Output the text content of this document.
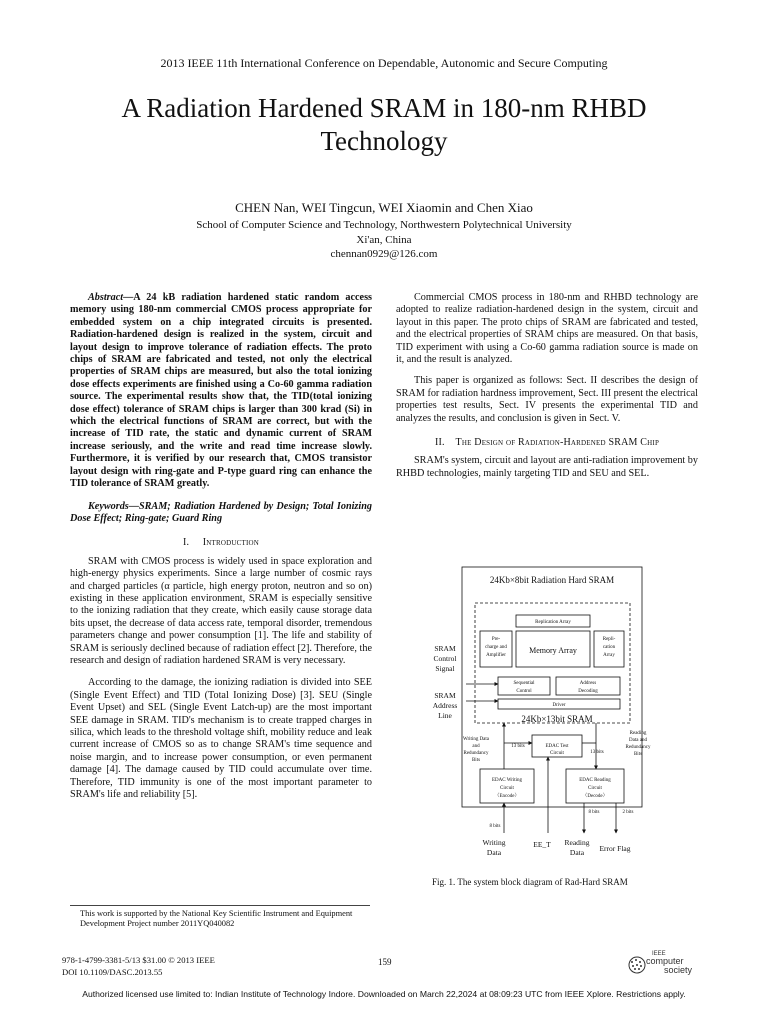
2013 IEEE 11th International Conference on Dependable, Autonomic and Secure Computing
A Radiation Hardened SRAM in 180-nm RHBD
Technology
CHEN Nan, WEI Tingcun, WEI Xiaomin and Chen Xiao
School of Computer Science and Technology, Northwestern Polytechnical University
Xi'an, China
chennan0929@126.com

Abstract—A 24 kB radiation hardened static random access memory using 180-nm commercial CMOS process appropriate for embedded system on a chip integrated circuits is presented. Radiation-hardened design is realized in the system, circuit and layout design to improve tolerance of radiation effects. The proto chips of SRAM are fabricated and tested, not only the electrical properties of SRAM chips are measured, but also the total ionizing dose effects experiments are finished using a Co-60 gamma radiation source. The experimental results show that, the TID(total ionizing dose effect) tolerance of SRAM chips is larger than 300 krad (Si) in which the electrical functions of SRAM are correct, but with the increase of TID rate, the static and dynamic current of SRAM increase seriously, and the write and read time increase slowly. Furthermore, it is verified by our research that, CMOS transistor layout design with ring-gate and P-type guard ring can enhance the TID tolerance of SRAM greatly.

Keywords—SRAM; Radiation Hardened by Design; Total Ionizing Dose Effect; Ring-gate; Guard Ring

I. Introduction

SRAM with CMOS process is widely used in space exploration and high-energy physics experiments. Since a large number of cosmic rays and charged particles (α particle, high energy proton, neutron and so on) existing in these application environment, SRAM is especially sensitive to the ionizing radiation that they create, which easily cause storage data bits upset, the decrease of data access rate, temporal disorder, tremendous parameters change and power consumption [1]. The life and stability of SRAM is seriously declined because of radiation effect [2]. Therefore, the research and design of radiation hardened SRAM is very necessary.

According to the damage, the ionizing radiation is divided into SEE (Single Event Effect) and TID (Total Ionizing Dose) [3]. SEU (Single Event Upset) and SEL (Single Event Latch-up) are the most important SEE damage in SRAM. TID's mechanism is to create trapped charges in silica, which leads to the threshold voltage shift, mobility reduce and leak current increase of CMOS so as to change SRAM's time sequence and noise margin, and to increase power consumption, or even permanent damage [4]. The damage caused by TID could accumulate over time. Therefore, TID immunity is one of the most important parameter to SRAM's life and reliability [5].

Commercial CMOS process in 180-nm and RHBD technology are adopted to realize radiation-hardened design in the system, circuit and layout in this paper. The proto chips of SRAM are fabricated and tested, and the electrical properties of SRAM chips are measured. On that basis, TID experiment with using a Co-60 gamma radiation source is made on it, and the result is analyzed.

This paper is organized as follows: Sect. II describes the design of SRAM for radiation hardness improvement, Sect. III present the electrical properties test results, Sect. IV presents the experimental TID and analyzes the results, and conclusion is given in Sect. V.

II. The Design of Radiation-Hardened SRAM Chip

SRAM's system, circuit and layout are anti-radiation improvement by RHBD technologies, mainly targeting TID and SEU and SEL.

24Kb×8bit Radiation Hard SRAM
Replication Array
Pre-
charge and
Amplifier
Memory Array
Repli-
cation
Array
Sequential
Control
Address
Decoding
Driver
EDAC Test
Circuit
EDAC Writing
Circuit
（Encode）
EDAC Reading
Circuit
（Decode）
Writing Data
and
Redundancy
Bits
13 bits
13 bits
Reading
Data and
Redundancy
Bits
8 bits
8 bits	2 bits
SRAM
Control
Signal
SRAM
Address
Line
Writing
Data
EE_T Reading
Data Error Flag
24Kb×13bit SRAM
Fig. 1. The system block diagram of Rad-Hard SRAM
This work is supported by the National Key Scientific Instrument and Equipment Development Project number 2011YQ040082
978-1-4799-3381-5/13 $31.00 © 2013 IEEE
DOI 10.1109/DASC.2013.55
159
IEEE
computer
society
Authorized licensed use limited to: Indian Institute of Technology Indore. Downloaded on March 22,2024 at 08:09:23 UTC from IEEE Xplore. Restrictions apply.
